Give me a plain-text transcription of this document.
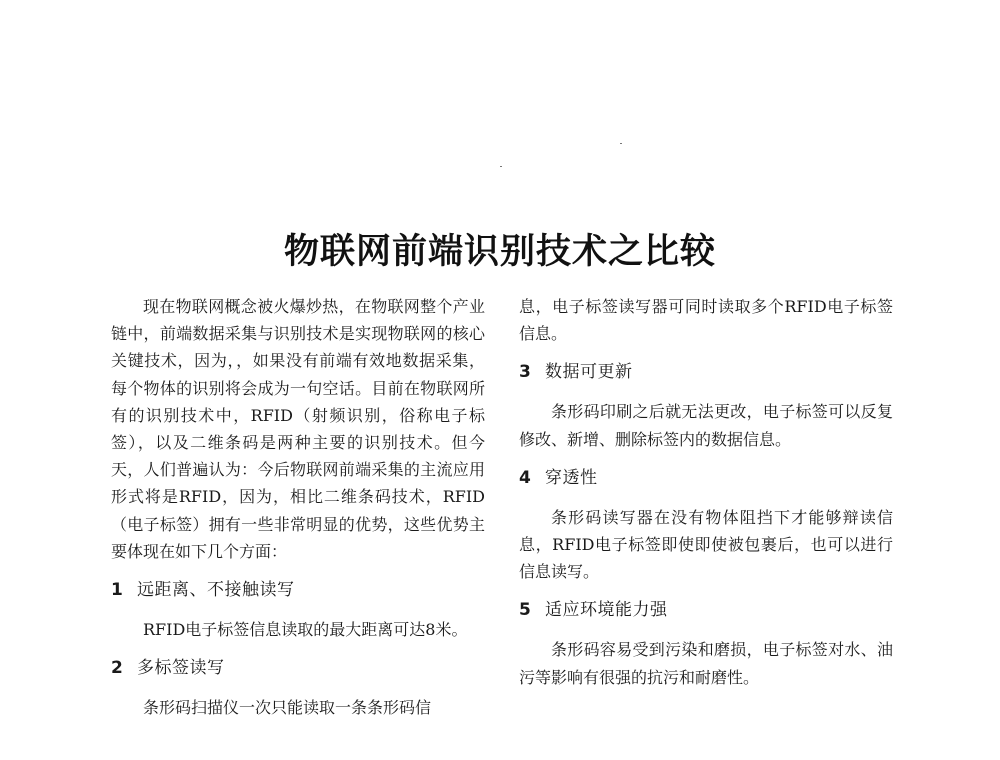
物联网前端识别技术之比较

现在物联网概念被火爆炒热，在物联网整个产业链中，前端数据采集与识别技术是实现物联网的核心关键技术，因为，，如果没有前端有效地数据采集，每个物体的识别将会成为一句空话。目前在物联网所有的识别技术中，RFID（射频识别，俗称电子标签），以及二维条码是两种主要的识别技术。但今天，人们普遍认为：今后物联网前端采集的主流应用形式将是RFID，因为，相比二维条码技术，RFID（电子标签）拥有一些非常明显的优势，这些优势主要体现在如下几个方面：

1 远距离、不接触读写

RFID电子标签信息读取的最大距离可达8米。

2 多标签读写

条形码扫描仪一次只能读取一条条形码信

息，电子标签读写器可同时读取多个RFID电子标签信息。

3 数据可更新

条形码印刷之后就无法更改，电子标签可以反复修改、新增、删除标签内的数据信息。

4 穿透性

条形码读写器在没有物体阻挡下才能够辩读信息，RFID电子标签即使即使被包裹后，也可以进行信息读写。

5 适应环境能力强

条形码容易受到污染和磨损，电子标签对水、油污等影响有很强的抗污和耐磨性。
